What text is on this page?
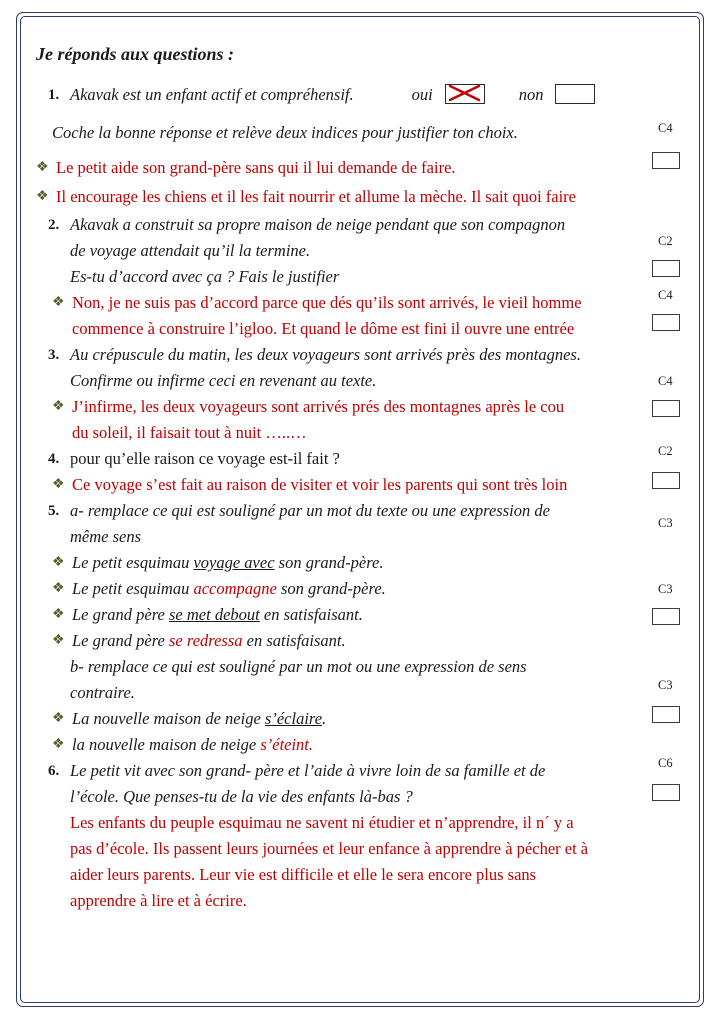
Je réponds aux questions :
1. Akavak est un enfant actif et compréhensif.	oui	non
Coche la bonne réponse et relève deux indices pour justifier ton choix.
❖ Le petit aide son grand-père sans qui il lui demande de faire.
❖ Il encourage les chiens et il les fait nourrir et allume la mèche. Il sait quoi faire
2. Akavak a construit sa propre maison de neige pendant que son compagnon
de voyage attendait qu’il la termine.
Es-tu d’accord avec ça ? Fais le justifier
❖ Non, je ne suis pas d’accord parce que dés qu’ils sont arrivés, le vieil homme
commence à construire l’igloo. Et quand le dôme est fini il ouvre une entrée
3. Au crépuscule du matin, les deux voyageurs sont arrivés près des montagnes.
Confirme ou infirme ceci en revenant au texte.
❖ J’infirme, les deux voyageurs sont arrivés prés des montagnes après le cou
du soleil, il faisait tout à nuit …..…
4. pour qu’elle raison ce voyage est-il fait ?
❖ Ce voyage s’est fait au raison de visiter et voir les parents qui sont très loin
5. a- remplace ce qui est souligné par un mot du texte ou une expression de
même sens
❖ Le petit esquimau voyage avec son grand-père.
❖ Le petit esquimau accompagne son grand-père.
❖ Le grand père se met debout en satisfaisant.
❖ Le grand père se redressa en satisfaisant.
b- remplace ce qui est souligné par un mot ou une expression de sens
contraire.
❖ La nouvelle maison de neige s’éclaire.
❖ la nouvelle maison de neige s’éteint.
6. Le petit vit avec son grand- père et l’aide à vivre loin de sa famille et de
l’école. Que penses-tu de la vie des enfants là-bas ?
Les enfants du peuple esquimau ne savent ni étudier et n’apprendre, il n´ y a
pas d’école. Ils passent leurs journées et leur enfance à apprendre à pécher et à
aider leurs parents. Leur vie est difficile et elle le sera encore plus sans
apprendre à lire et à écrire.
C4
C2
C4
C4
C2
C3
C3
C3
C6
